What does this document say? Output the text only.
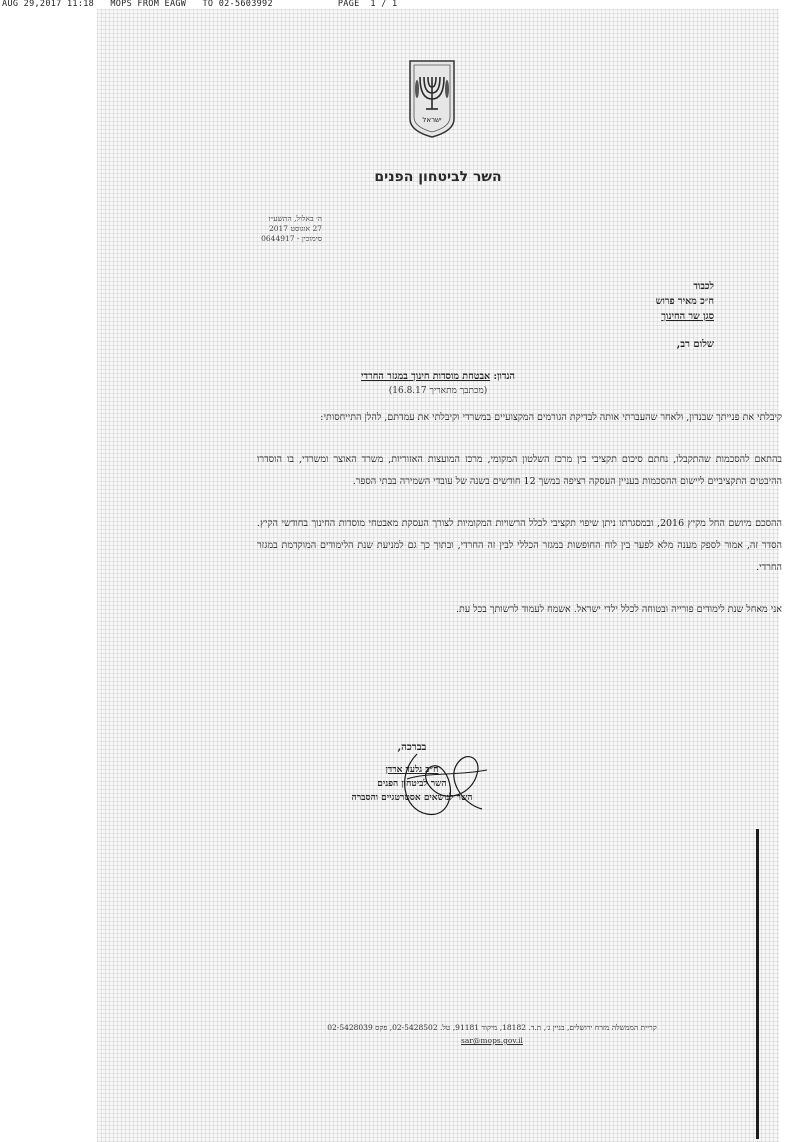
AUG 29,2017 11:18   MOPS FROM EAGW   TO 02-5603992            PAGE  1 / 1
ישראל
השר לביטחון הפנים
ה׳ באלול, התשע״ז
27 אוגוסט 2017
סימוכין - 0644917
לכבוד
ח״כ מאיר פרוש
סגן שר החינוך
שלום רב,
הנדון: אבטחת מוסדות חינוך במגזר החרדי
(מכתבך מתאריך 16.8.17)

קיבלתי את פנייתך שבנדון, ולאחר שהעברתי אותה לבדיקת הגורמים המקצועיים במשרדי וקיבלתי את עמדתם, להלן התייחסותי:

בהתאם להסכמות שהתקבלו, נחתם סיכום תקציבי בין מרכז השלטון המקומי, מרכז המועצות האזוריות, משרד האוצר ומשרדי, בו הוסדרו ההיבטים התקציביים ליישום ההסכמות בעניין העסקה רציפה במשך 12 חודשים בשנה של עובדי השמירה בבתי הספר.

ההסכם מיושם החל מקיץ 2016, ובמסגרתו ניתן שיפוי תקציבי לכלל הרשויות המקומיות לצורך העסקת מאבטחי מוסדות החינוך בחודשי הקיץ. הסדר זה, אמור לספק מענה מלא לפער בין לוח החופשות במגזר הכללי לבין זה החרדי, ובתוך כך גם למניעת שנת הלימודים המוקדמת במגזר החרדי.

אני מאחל שנת לימודים פורייה ובטוחה לכלל ילדי ישראל. אשמח לעמוד לרשותך בכל עת.

בברכה,
ח״כ גלעד ארדן
השר לביטחון הפנים
השר לנושאים אסטרטגיים והסברה
קריית הממשלה מזרח ירושלים, בניין ג׳, ת.ד. 18182, מיקוד 91181, טל. 02-5428502, פקס 02-5428039
sar@mops.gov.il
